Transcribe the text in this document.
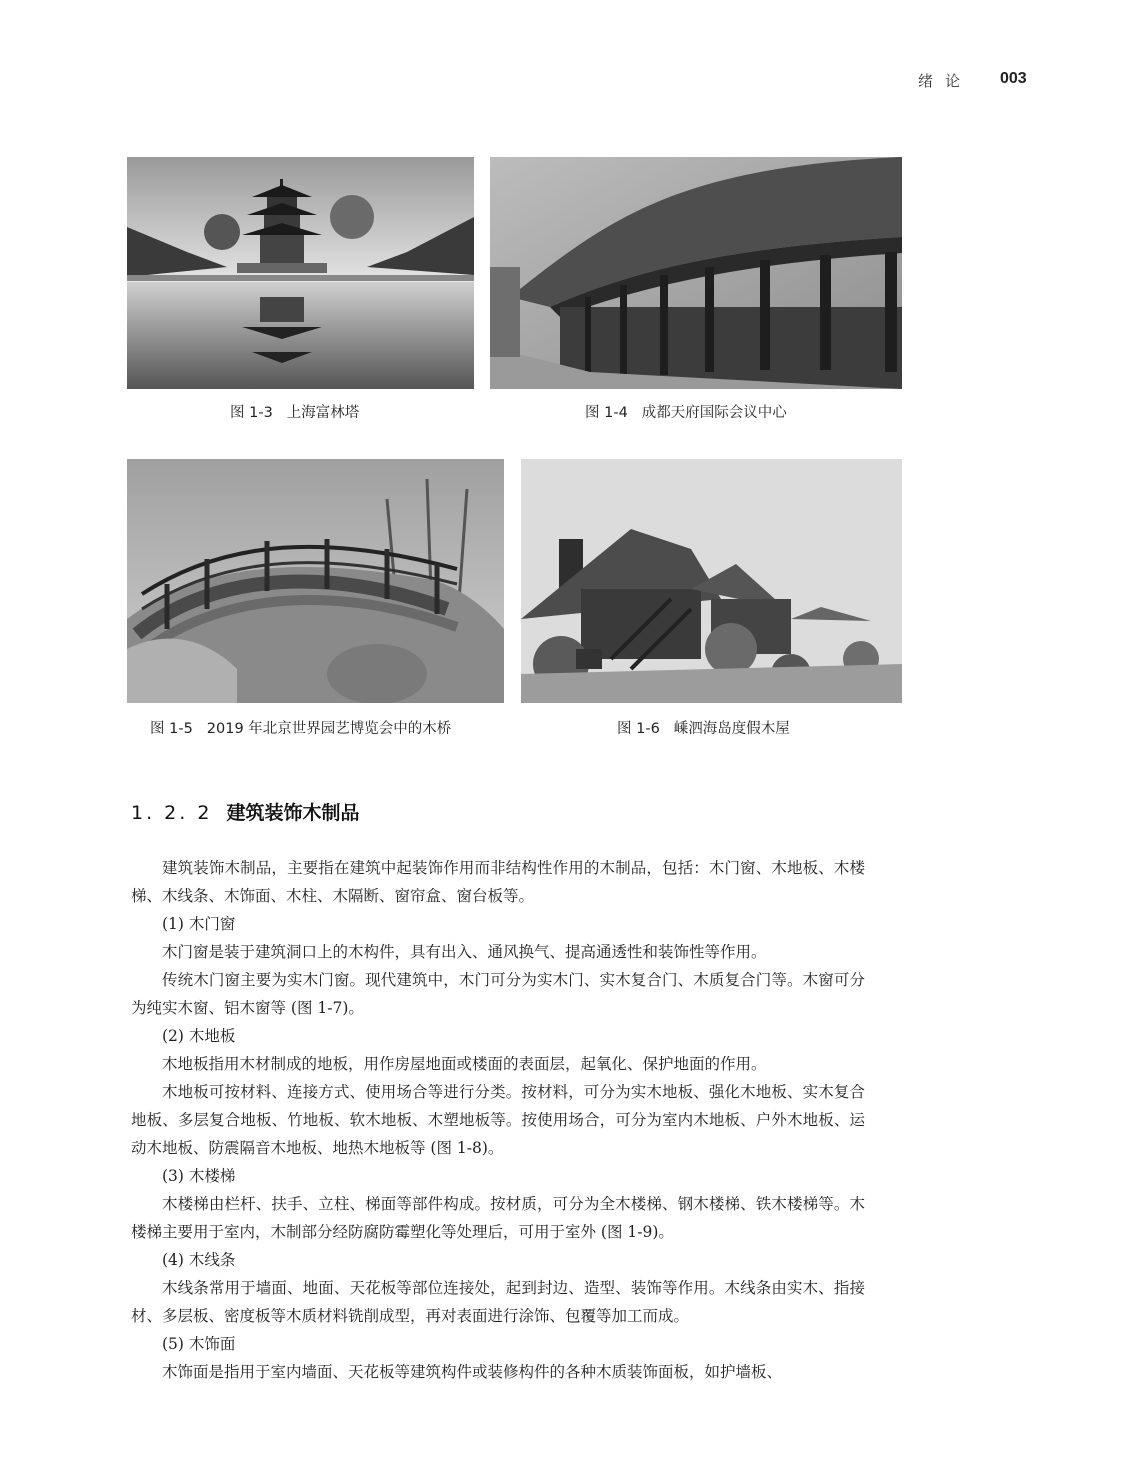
绪论 003
图 1-3 上海富林塔	图 1-4 成都天府国际会议中心
图 1-5 2019 年北京世界园艺博览会中的木桥	图 1-6 嵊泗海岛度假木屋
1. 2. 2 建筑装饰木制品

建筑装饰木制品，主要指在建筑中起装饰作用而非结构性作用的木制品，包括：木门窗、木地板、木楼梯、木线条、木饰面、木柱、木隔断、窗帘盒、窗台板等。

(1) 木门窗

木门窗是装于建筑洞口上的木构件，具有出入、通风换气、提高通透性和装饰性等作用。

传统木门窗主要为实木门窗。现代建筑中，木门可分为实木门、实木复合门、木质复合门等。木窗可分为纯实木窗、铝木窗等 (图 1-7)。

(2) 木地板

木地板指用木材制成的地板，用作房屋地面或楼面的表面层，起氧化、保护地面的作用。

木地板可按材料、连接方式、使用场合等进行分类。按材料，可分为实木地板、强化木地板、实木复合地板、多层复合地板、竹地板、软木地板、木塑地板等。按使用场合，可分为室内木地板、户外木地板、运动木地板、防震隔音木地板、地热木地板等 (图 1-8)。

(3) 木楼梯

木楼梯由栏杆、扶手、立柱、梯面等部件构成。按材质，可分为全木楼梯、钢木楼梯、铁木楼梯等。木楼梯主要用于室内，木制部分经防腐防霉塑化等处理后，可用于室外 (图 1-9)。

(4) 木线条

木线条常用于墙面、地面、天花板等部位连接处，起到封边、造型、装饰等作用。木线条由实木、指接材、多层板、密度板等木质材料铣削成型，再对表面进行涂饰、包覆等加工而成。

(5) 木饰面

木饰面是指用于室内墙面、天花板等建筑构件或装修构件的各种木质装饰面板，如护墙板、
